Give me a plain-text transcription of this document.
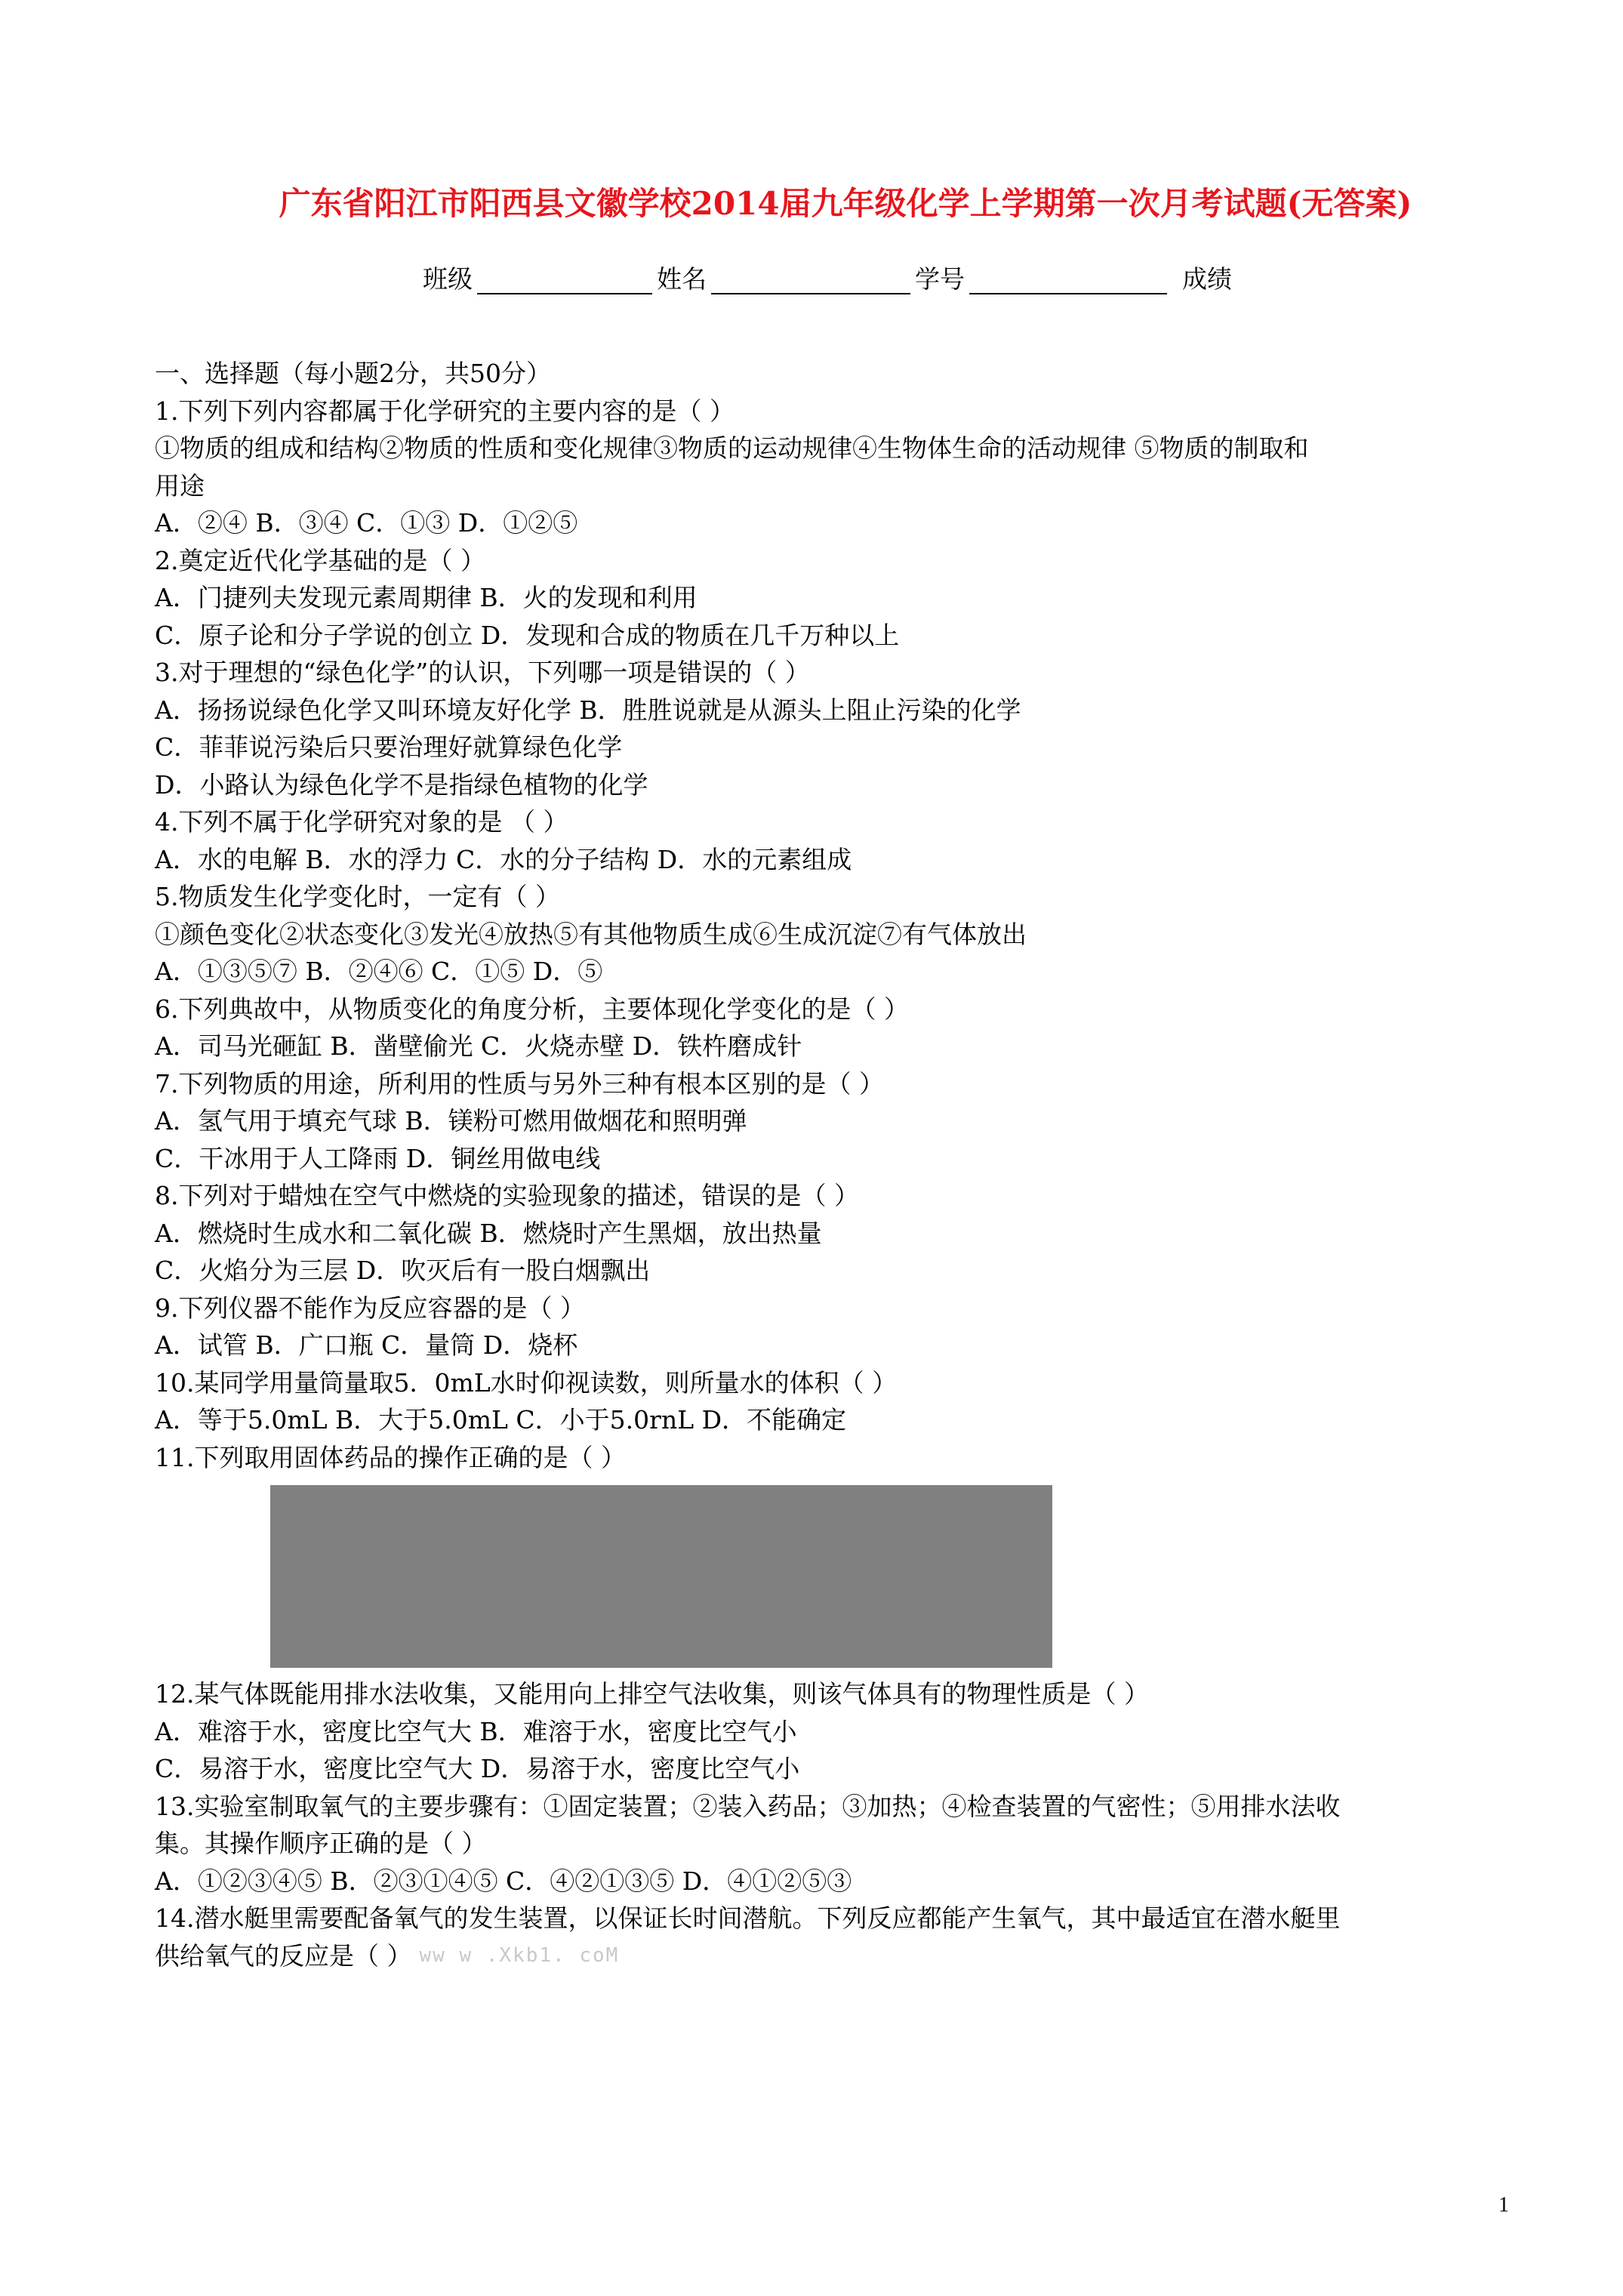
广东省阳江市阳西县文徽学校2014届九年级化学上学期第一次月考试题(无答案)
班级	姓名	学号	成绩
一、选择题（每小题2分，共50分）
1.下列下列内容都属于化学研究的主要内容的是（ ）
①物质的组成和结构②物质的性质和变化规律③物质的运动规律④生物体生命的活动规律 ⑤物质的制取和
用途
A．②④ B．③④ C．①③ D．①②⑤
2.奠定近代化学基础的是（ ）
A．门捷列夫发现元素周期律 B．火的发现和利用
C．原子论和分子学说的创立 D．发现和合成的物质在几千万种以上
3.对于理想的“绿色化学”的认识，下列哪一项是错误的（ ）
A．扬扬说绿色化学又叫环境友好化学 B．胜胜说就是从源头上阻止污染的化学
C．菲菲说污染后只要治理好就算绿色化学
D．小路认为绿色化学不是指绿色植物的化学
4.下列不属于化学研究对象的是 （ ）
A．水的电解 B．水的浮力 C．水的分子结构 D．水的元素组成
5.物质发生化学变化时，一定有（ ）
①颜色变化②状态变化③发光④放热⑤有其他物质生成⑥生成沉淀⑦有气体放出
A．①③⑤⑦ B．②④⑥ C．①⑤ D．⑤
6.下列典故中，从物质变化的角度分析，主要体现化学变化的是（ ）
A．司马光砸缸 B．凿壁偷光 C．火烧赤壁 D．铁杵磨成针
7.下列物质的用途，所利用的性质与另外三种有根本区别的是（ ）
A．氢气用于填充气球 B．镁粉可燃用做烟花和照明弹
C．干冰用于人工降雨 D．铜丝用做电线
8.下列对于蜡烛在空气中燃烧的实验现象的描述，错误的是（ ）
A．燃烧时生成水和二氧化碳 B．燃烧时产生黑烟，放出热量
C．火焰分为三层 D．吹灭后有一股白烟飘出
9.下列仪器不能作为反应容器的是（ ）
A．试管 B．广口瓶 C．量筒 D．烧杯
10.某同学用量筒量取5．0mL水时仰视读数，则所量水的体积（ ）
A．等于5.0mL B．大于5.0mL C．小于5.0rnL D．不能确定
11.下列取用固体药品的操作正确的是（ ）
12.某气体既能用排水法收集，又能用向上排空气法收集，则该气体具有的物理性质是（ ）
A．难溶于水，密度比空气大 B．难溶于水，密度比空气小
C．易溶于水，密度比空气大 D．易溶于水，密度比空气小
13.实验室制取氧气的主要步骤有：①固定装置；②装入药品；③加热；④检查装置的气密性；⑤用排水法收
集。其操作顺序正确的是（ ）
A．①②③④⑤ B．②③①④⑤ C．④②①③⑤ D．④①②⑤③
14.潜水艇里需要配备氧气的发生装置，以保证长时间潜航。下列反应都能产生氧气，其中最适宜在潜水艇里
供给氧气的反应是（ ） ww w .Xkb1. coM
1
